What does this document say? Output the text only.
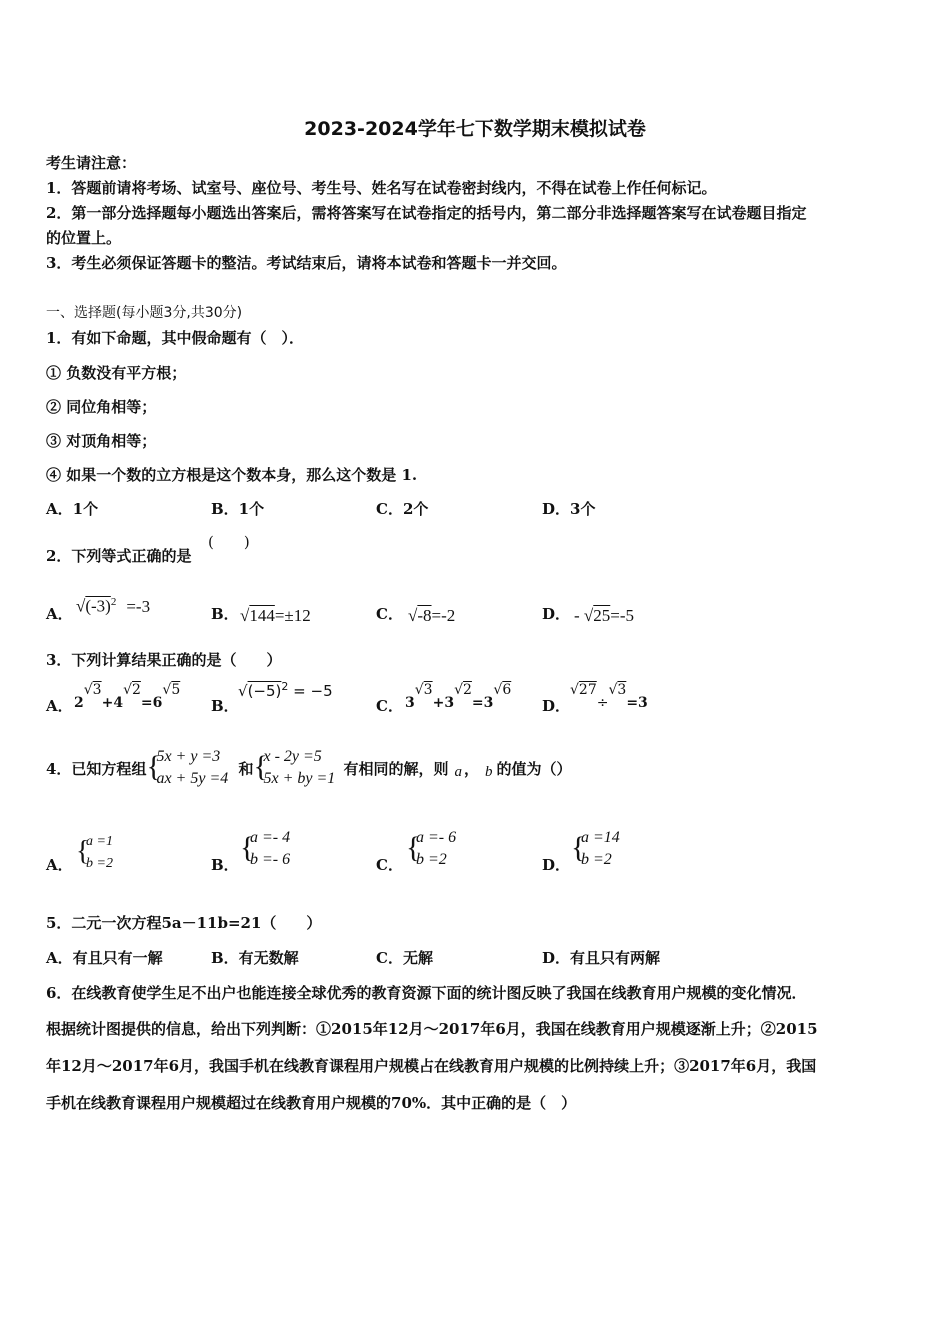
2023-2024学年七下数学期末模拟试卷
考生请注意：
1．答题前请将考场、试室号、座位号、考生号、姓名写在试卷密封线内，不得在试卷上作任何标记。
2．第一部分选择题每小题选出答案后，需将答案写在试卷指定的括号内，第二部分非选择题答案写在试卷题目指定
的位置上。
3．考生必须保证答题卡的整洁。考试结束后，请将本试卷和答题卡一并交回。
一、选择题(每小题3分,共30分)
1．有如下命题，其中假命题有（　）．
① 负数没有平方根；
② 同位角相等；
③ 对顶角相等；
④ 如果一个数的立方根是这个数本身，那么这个数是 1.
A．1个	B．1个	C．2个	D．3个
2．下列等式正确的是
(　　)
A． $√(-3)^2 =-3$	B． √144=±12	C． √-8=-2	D． - √25=-5
3．下列计算结果正确的是（　　）
A． 2√3+4√2=6√5
B．
$√(-5)^2 = -5$
C． 3√3+3√2=3√6
D．
√27÷√3=3
4．已知方程组 {
5x + y =3
ax + 5y =4
和 {
x - 2y =5
5x + by =1
有相同的解，则 a ， b 的值为（）
A． {
a =1
b =2	B．
{
a =- 4
b =- 6	C．
{
a =- 6
b =2	D．
{
a =14
b =2
5．二元一次方程5a－11b=21（　　）
A．有且只有一解	B．有无数解	C．无解	D．有且只有两解
6．在线教育使学生足不出户也能连接全球优秀的教育资源下面的统计图反映了我国在线教育用户规模的变化情况．
根据统计图提供的信息，给出下列判断：①2015年12月～2017年6月，我国在线教育用户规模逐渐上升；②2015
年12月～2017年6月，我国手机在线教育课程用户规模占在线教育用户规模的比例持续上升；③2017年6月，我国
手机在线教育课程用户规模超过在线教育用户规模的70%．其中正确的是（　）
